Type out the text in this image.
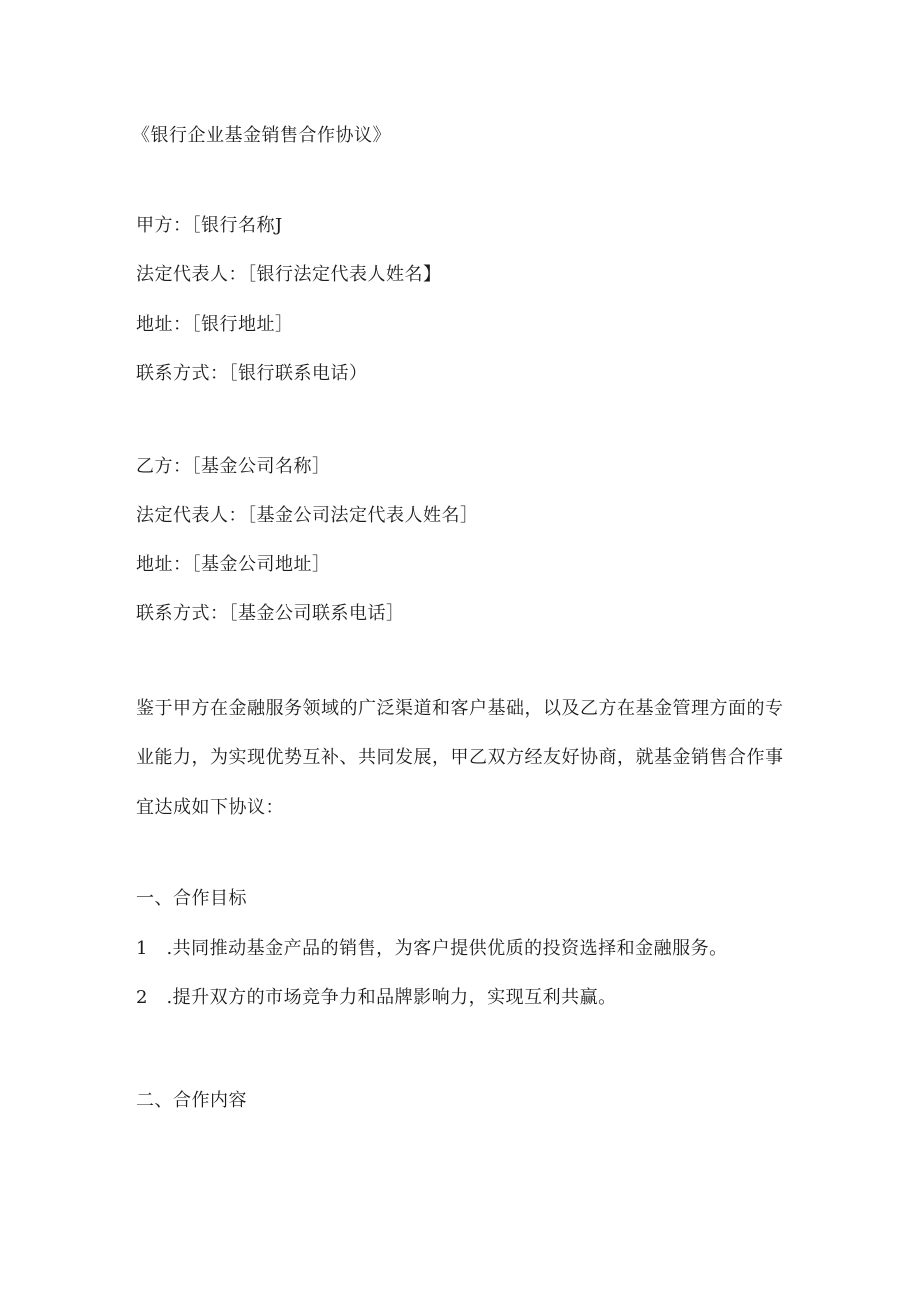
《银行企业基金销售合作协议》
甲方：［银行名称J
法定代表人：［银行法定代表人姓名】
地址：［银行地址］
联系方式：［银行联系电话）
乙方：［基金公司名称］
法定代表人：［基金公司法定代表人姓名］
地址：［基金公司地址］
联系方式：［基金公司联系电话］
鉴于甲方在金融服务领域的广泛渠道和客户基础，以及乙方在基金管理方面的专
业能力，为实现优势互补、共同发展，甲乙双方经友好协商，就基金销售合作事
宜达成如下协议：
一、合作目标
1　.共同推动基金产品的销售，为客户提供优质的投资选择和金融服务。
2　.提升双方的市场竞争力和品牌影响力，实现互利共赢。
二、合作内容
